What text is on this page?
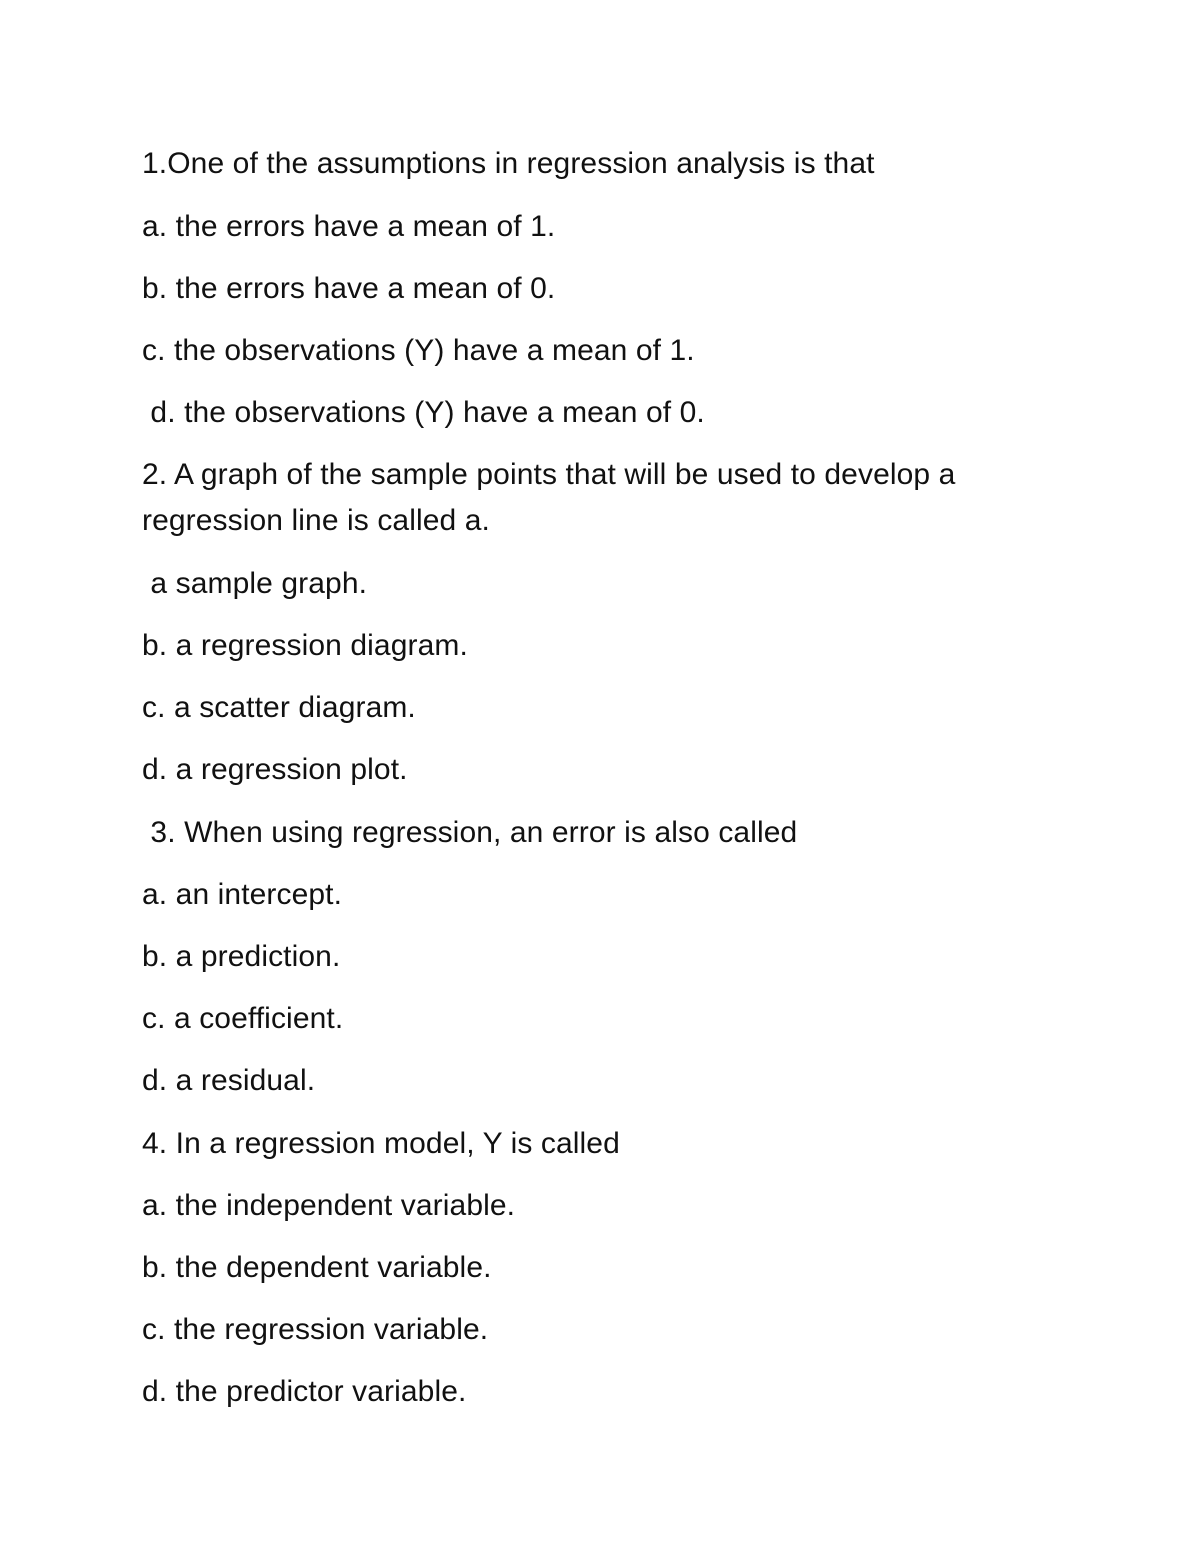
1.One of the assumptions in regression analysis is that
a. the errors have a mean of 1.
b. the errors have a mean of 0.
c. the observations (Y) have a mean of 1.
d. the observations (Y) have a mean of 0.
2. A graph of the sample points that will be used to develop a regression line is called a.
a sample graph.
b. a regression diagram.
c. a scatter diagram.
d. a regression plot.
3. When using regression, an error is also called
a. an intercept.
b. a prediction.
c. a coefficient.
d. a residual.
4. In a regression model, Y is called
a. the independent variable.
b. the dependent variable.
c. the regression variable.
d. the predictor variable.
